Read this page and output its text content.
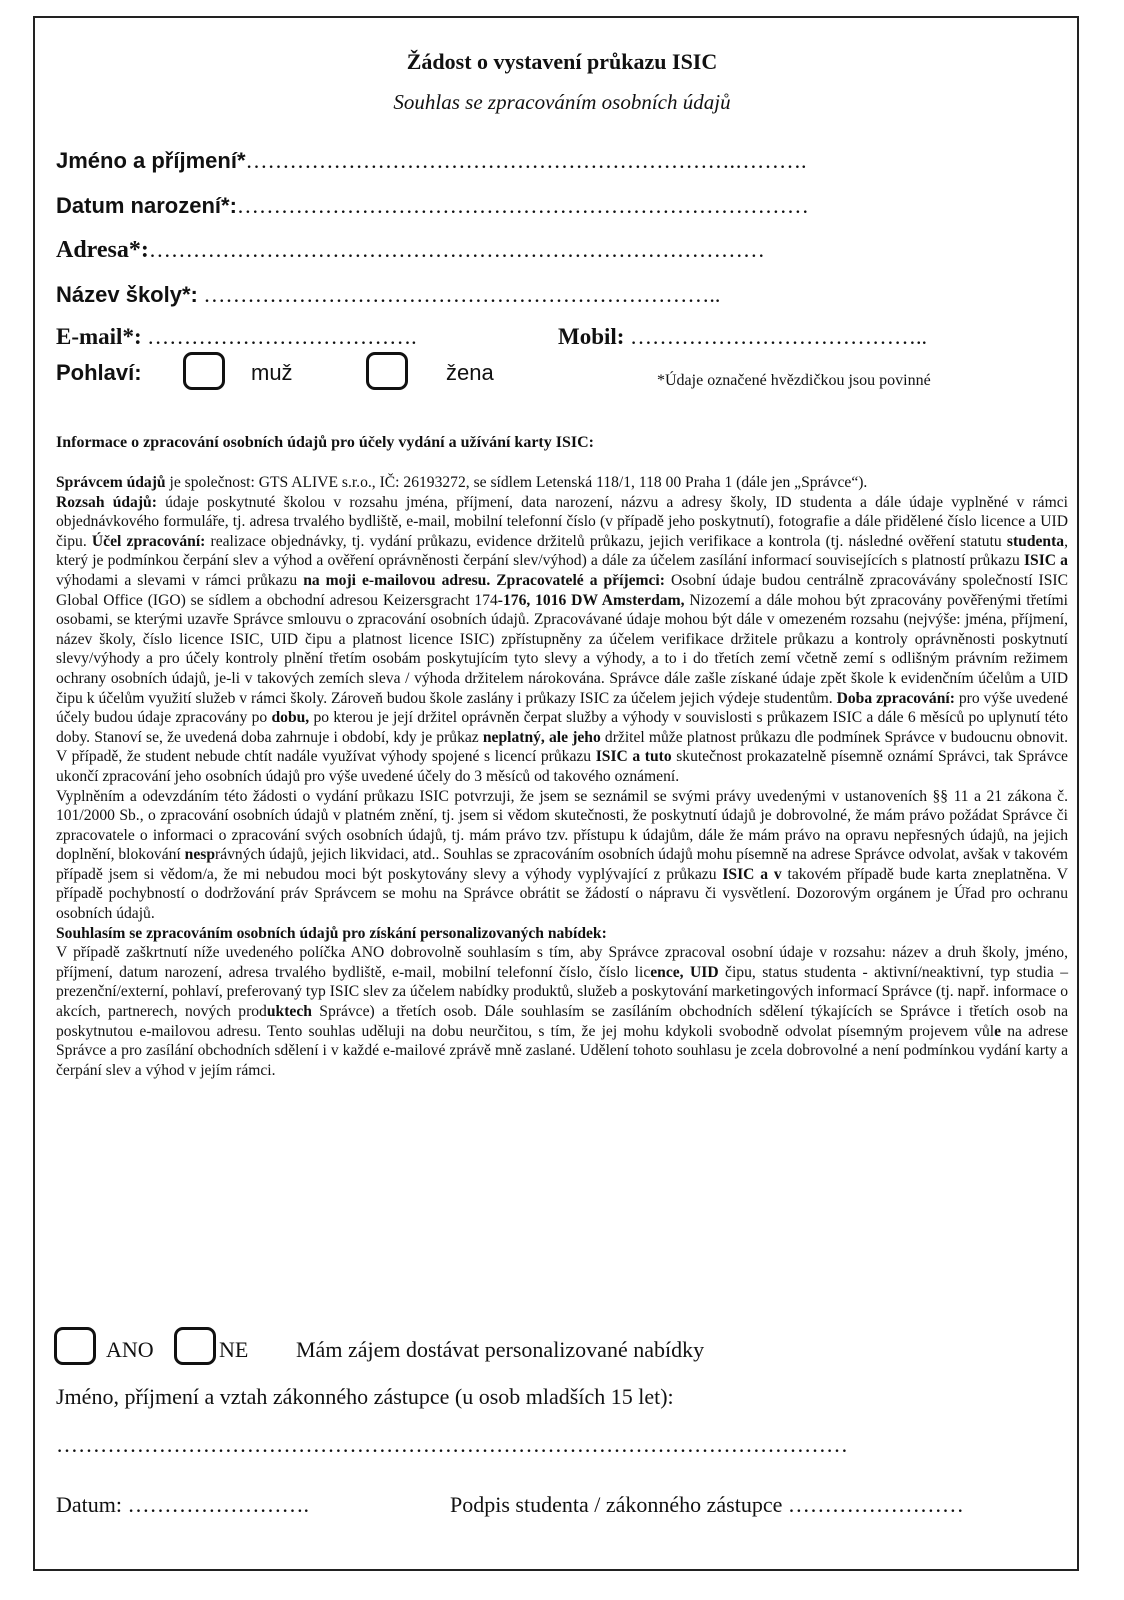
Žádost o vystavení průkazu ISIC
Souhlas se zpracováním osobních údajů
Jméno a příjmení*………………………………………………………….……….
Datum narození*:……………………………………………………………………
Adresa*:…………………………………………………………………………
Název školy*: ……………………………………………………………..
E-mail*: ……………………………….	Mobil: …………………………………..
Pohlaví:	muž	žena	*Údaje označené hvězdičkou jsou povinné
Informace o zpracování osobních údajů pro účely vydání a užívání karty ISIC:

Správcem údajů je společnost: GTS ALIVE s.r.o., IČ: 26193272, se sídlem Letenská 118/1, 118 00 Praha 1 (dále jen „Správce“).

Rozsah údajů: údaje poskytnuté školou v rozsahu jména, příjmení, data narození, názvu a adresy školy, ID studenta a dále údaje vyplněné v rámci objednávkového formuláře, tj. adresa trvalého bydliště, e-mail, mobilní telefonní číslo (v případě jeho poskytnutí), fotografie a dále přidělené číslo licence a UID čipu. Účel zpracování: realizace objednávky, tj. vydání průkazu, evidence držitelů průkazu, jejich verifikace a kontrola (tj. následné ověření statutu studenta, který je podmínkou čerpání slev a výhod a ověření oprávněnosti čerpání slev/výhod) a dále za účelem zasílání informací souvisejících s platností průkazu ISIC a výhodami a slevami v rámci průkazu na moji e-mailovou adresu. Zpracovatelé a příjemci: Osobní údaje budou centrálně zpracovávány společností ISIC Global Office (IGO) se sídlem a obchodní adresou Keizersgracht 174-176, 1016 DW Amsterdam, Nizozemí a dále mohou být zpracovány pověřenými třetími osobami, se kterými uzavře Správce smlouvu o zpracování osobních údajů. Zpracovávané údaje mohou být dále v omezeném rozsahu (nejvýše: jména, příjmení, název školy, číslo licence ISIC, UID čipu a platnost licence ISIC) zpřístupněny za účelem verifikace držitele průkazu a kontroly oprávněnosti poskytnutí slevy/výhody a pro účely kontroly plnění třetím osobám poskytujícím tyto slevy a výhody, a to i do třetích zemí včetně zemí s odlišným právním režimem ochrany osobních údajů, je-li v takových zemích sleva / výhoda držitelem nárokována. Správce dále zašle získané údaje zpět škole k evidenčním účelům a UID čipu k účelům využití služeb v rámci školy. Zároveň budou škole zaslány i průkazy ISIC za účelem jejich výdeje studentům. Doba zpracování: pro výše uvedené účely budou údaje zpracovány po dobu, po kterou je její držitel oprávněn čerpat služby a výhody v souvislosti s průkazem ISIC a dále 6 měsíců po uplynutí této doby. Stanoví se, že uvedená doba zahrnuje i období, kdy je průkaz neplatný, ale jeho držitel může platnost průkazu dle podmínek Správce v budoucnu obnovit. V případě, že student nebude chtít nadále využívat výhody spojené s licencí průkazu ISIC a tuto skutečnost prokazatelně písemně oznámí Správci, tak Správce ukončí zpracování jeho osobních údajů pro výše uvedené účely do 3 měsíců od takového oznámení.

Vyplněním a odevzdáním této žádosti o vydání průkazu ISIC potvrzuji, že jsem se seznámil se svými právy uvedenými v ustanoveních §§ 11 a 21 zákona č. 101/2000 Sb., o zpracování osobních údajů v platném znění, tj. jsem si vědom skutečnosti, že poskytnutí údajů je dobrovolné, že mám právo požádat Správce či zpracovatele o informaci o zpracování svých osobních údajů, tj. mám právo tzv. přístupu k údajům, dále že mám právo na opravu nepřesných údajů, na jejich doplnění, blokování nesprávných údajů, jejich likvidaci, atd.. Souhlas se zpracováním osobních údajů mohu písemně na adrese Správce odvolat, avšak v takovém případě jsem si vědom/a, že mi nebudou moci být poskytovány slevy a výhody vyplývající z průkazu ISIC a v takovém případě bude karta zneplatněna. V případě pochybností o dodržování práv Správcem se mohu na Správce obrátit se žádostí o nápravu či vysvětlení. Dozorovým orgánem je Úřad pro ochranu osobních údajů.

Souhlasím se zpracováním osobních údajů pro získání personalizovaných nabídek:

V případě zaškrtnutí níže uvedeného políčka ANO dobrovolně souhlasím s tím, aby Správce zpracoval osobní údaje v rozsahu: název a druh školy, jméno, příjmení, datum narození, adresa trvalého bydliště, e-mail, mobilní telefonní číslo, číslo licence, UID čipu, status studenta - aktivní/neaktivní, typ studia – prezenční/externí, pohlaví, preferovaný typ ISIC slev za účelem nabídky produktů, služeb a poskytování marketingových informací Správce (tj. např. informace o akcích, partnerech, nových produktech Správce) a třetích osob. Dále souhlasím se zasíláním obchodních sdělení týkajících se Správce i třetích osob na poskytnutou e-mailovou adresu. Tento souhlas uděluji na dobu neurčitou, s tím, že jej mohu kdykoli svobodně odvolat písemným projevem vůle na adrese Správce a pro zasílání obchodních sdělení i v každé e-mailové zprávě mně zaslané. Udělení tohoto souhlasu je zcela dobrovolné a není podmínkou vydání karty a čerpání slev a výhod v jejím rámci.

ANO	NE Mám zájem dostávat personalizované nabídky
Jméno, příjmení a vztah zákonného zástupce (u osob mladších 15 let):
………………………………………………………………………………………………
Datum: …………………….	Podpis studenta / zákonného zástupce ……………………
